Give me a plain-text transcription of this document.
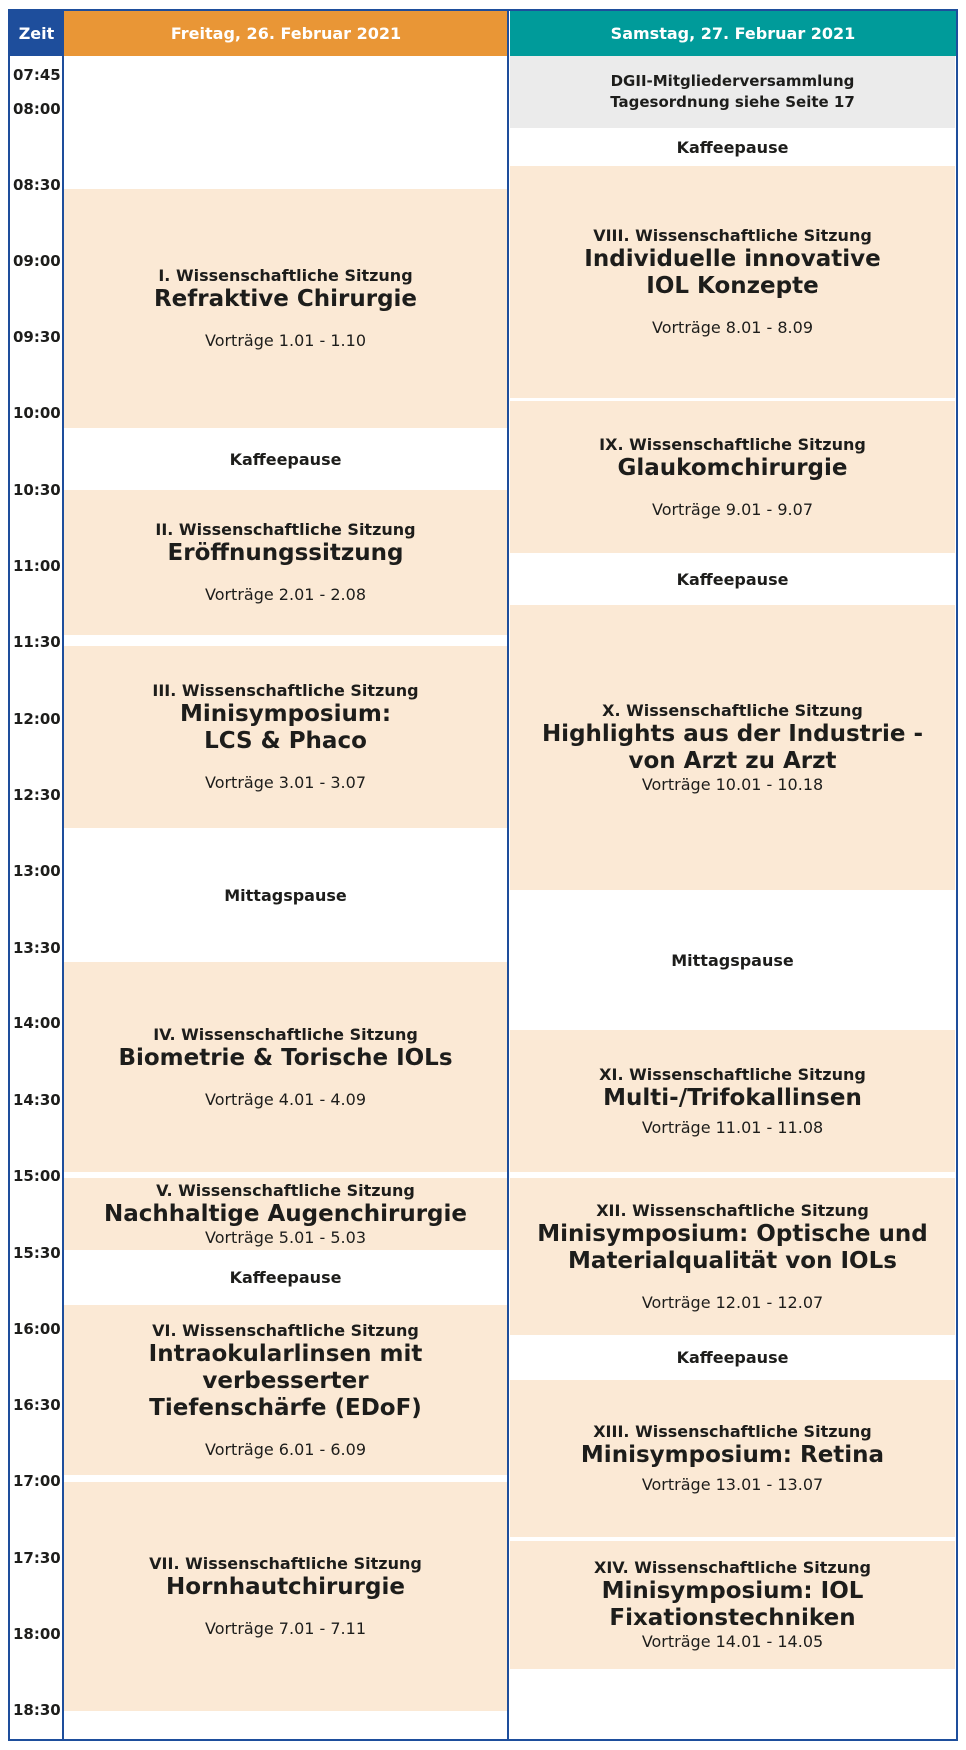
Zeit	Freitag, 26. Februar 2021	Samstag, 27. Februar 2021
07:45
08:00
08:30
09:00
09:30
10:00
10:30
11:00
11:30
12:00
12:30
13:00
13:30
14:00
14:30
15:00
15:30
16:00
16:30
17:00
17:30
18:00
18:30
I. Wissenschaftliche Sitzung
Refraktive Chirurgie
Vorträge 1.01 - 1.10
Kaffeepause
II. Wissenschaftliche Sitzung
Eröffnungssitzung
Vorträge 2.01 - 2.08
III. Wissenschaftliche Sitzung
Minisymposium:
LCS & Phaco
Vorträge 3.01 - 3.07
Mittagspause
IV. Wissenschaftliche Sitzung
Biometrie & Torische IOLs
Vorträge 4.01 - 4.09
V. Wissenschaftliche Sitzung
Nachhaltige Augenchirurgie
Vorträge 5.01 - 5.03
Kaffeepause
VI. Wissenschaftliche Sitzung
Intraokularlinsen mit verbesserter
Tiefenschärfe (EDoF)
Vorträge 6.01 - 6.09
VII. Wissenschaftliche Sitzung
Hornhautchirurgie
Vorträge 7.01 - 7.11
DGII-Mitgliederversammlung
Tagesordnung siehe Seite 17
Kaffeepause
VIII. Wissenschaftliche Sitzung
Individuelle innovative
IOL Konzepte
Vorträge 8.01 - 8.09
IX. Wissenschaftliche Sitzung
Glaukomchirurgie
Vorträge 9.01 - 9.07
Kaffeepause
X. Wissenschaftliche Sitzung
Highlights aus der Industrie -
von Arzt zu Arzt
Vorträge 10.01 - 10.18
Mittagspause
XI. Wissenschaftliche Sitzung
Multi-/Trifokallinsen
Vorträge 11.01 - 11.08
XII. Wissenschaftliche Sitzung
Minisymposium: Optische und
Materialqualität von IOLs
Vorträge 12.01 - 12.07
Kaffeepause
XIII. Wissenschaftliche Sitzung
Minisymposium: Retina
Vorträge 13.01 - 13.07
XIV. Wissenschaftliche Sitzung
Minisymposium: IOL
Fixationstechniken
Vorträge 14.01 - 14.05
